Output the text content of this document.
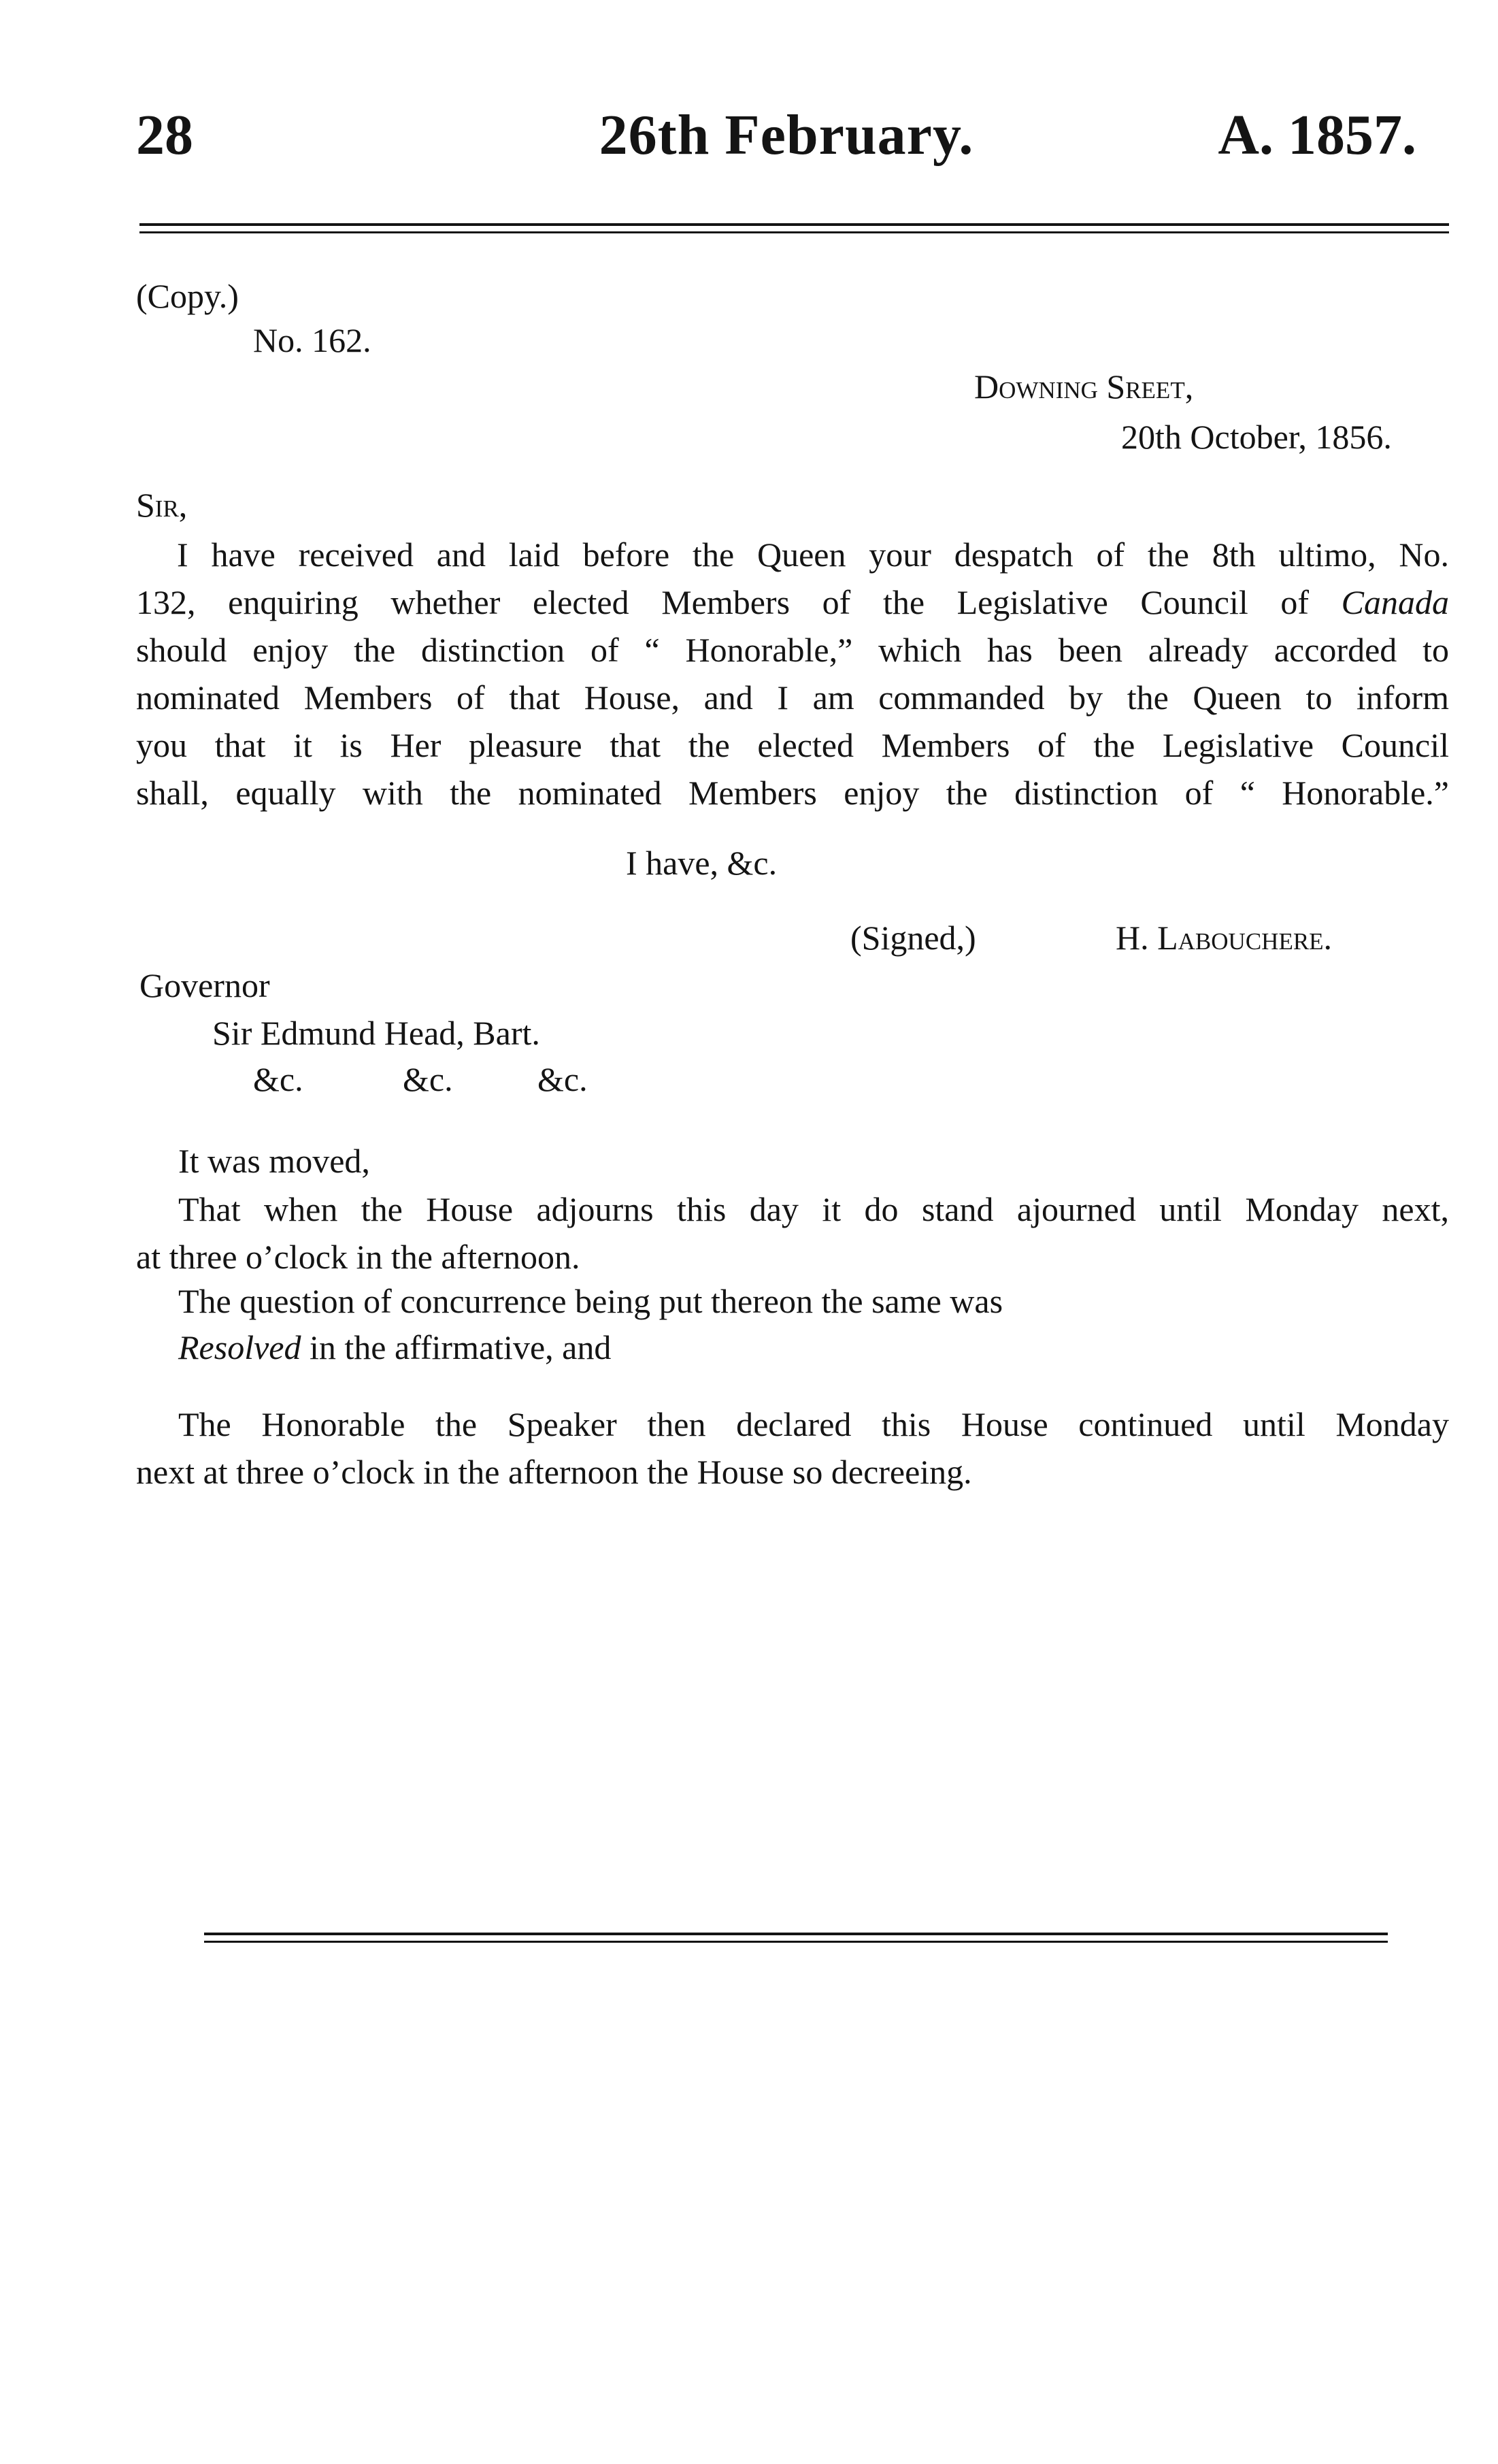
28	26th February.	A. 1857.
(Copy.)
No. 162.
Downing Sreet,
20th October, 1856.
Sir,
I have received and laid before the Queen your despatch of the 8th ultimo, No.
132, enquiring whether elected Members of the Legislative Council of Canada
should enjoy the distinction of “ Honorable,” which has been already accorded to
nominated Members of that House, and I am commanded by the Queen to inform
you that it is Her pleasure that the elected Members of the Legislative Council
shall, equally with the nominated Members enjoy the distinction of “ Honorable.”
I have, &c.
(Signed,)	H. Labouchere.
Governor
Sir Edmund Head, Bart.
&c.	&c. &c.
It was moved,
That when the House adjourns this day it do stand ajourned until Monday next,
at three o’clock in the afternoon.
The question of concurrence being put thereon the same was
Resolved in the affirmative, and
The Honorable the Speaker then declared this House continued until Monday
next at three o’clock in the afternoon the House so decreeing.
